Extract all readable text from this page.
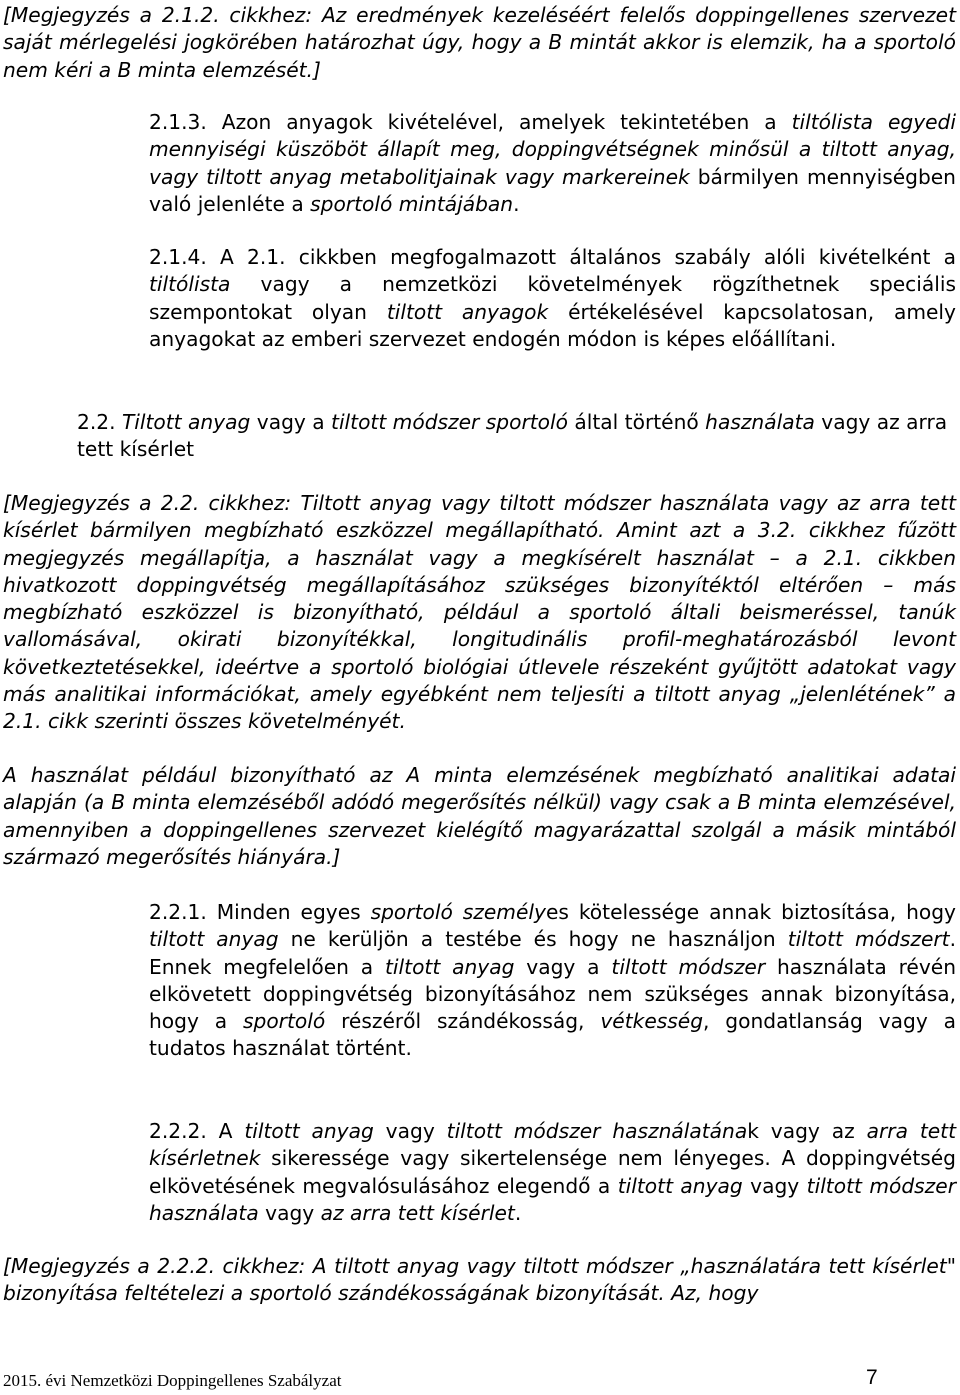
[Megjegyzés a 2.1.2. cikkhez: Az eredmények kezeléséért felelős doppingellenes szervezet saját mérlegelési jogkörében határozhat úgy, hogy a B mintát akkor is elemzik, ha a sportoló nem kéri a B minta elemzését.]

2.1.3. Azon anyagok kivételével, amelyek tekintetében a tiltólista egyedi mennyiségi küszöböt állapít meg, doppingvétségnek minősül a tiltott anyag, vagy tiltott anyag metabolitjainak vagy markereinek bármilyen mennyiségben való jelenléte a sportoló mintájában.

2.1.4. A 2.1. cikkben megfogalmazott általános szabály alóli kivételként a tiltólista vagy a nemzetközi követelmények rögzíthetnek speciális szempontokat olyan tiltott anyagok értékelésével kapcsolatosan, amely anyagokat az emberi szervezet endogén módon is képes előállítani.

2.2. Tiltott anyag vagy a tiltott módszer sportoló által történő használata vagy az arra tett kísérlet

[Megjegyzés a 2.2. cikkhez: Tiltott anyag vagy tiltott módszer használata vagy az arra tett kísérlet bármilyen megbízható eszközzel megállapítható. Amint azt a 3.2. cikkhez fűzött megjegyzés megállapítja, a használat vagy a megkísérelt használat – a 2.1. cikkben hivatkozott doppingvétség megállapításához szükséges bizonyítéktól eltérően – más megbízható eszközzel is bizonyítható, például a sportoló általi beismeréssel, tanúk vallomásával, okirati bizonyítékkal, longitudinális profil-meghatározásból levont következtetésekkel, ideértve a sportoló biológiai útlevele részeként gyűjtött adatokat vagy más analitikai információkat, amely egyébként nem teljesíti a tiltott anyag „jelenlétének” a 2.1. cikk szerinti összes követelményét.

A használat például bizonyítható az A minta elemzésének megbízható analitikai adatai alapján (a B minta elemzéséből adódó megerősítés nélkül) vagy csak a B minta elemzésével, amennyiben a doppingellenes szervezet kielégítő magyarázattal szolgál a másik mintából származó megerősítés hiányára.]

2.2.1. Minden egyes sportoló személyes kötelessége annak biztosítása, hogy tiltott anyag ne kerüljön a testébe és hogy ne használjon tiltott módszert. Ennek megfelelően a tiltott anyag vagy a tiltott módszer használata révén elkövetett doppingvétség bizonyításához nem szükséges annak bizonyítása, hogy a sportoló részéről szándékosság, vétkesség, gondatlanság vagy a tudatos használat történt.

2.2.2. A tiltott anyag vagy tiltott módszer használatának vagy az arra tett kísérletnek sikeressége vagy sikertelensége nem lényeges. A doppingvétség elkövetésének megvalósulásához elegendő a tiltott anyag vagy tiltott módszer használata vagy az arra tett kísérlet.

[Megjegyzés a 2.2.2. cikkhez: A tiltott anyag vagy tiltott módszer „használatára tett kísérlet" bizonyítása feltételezi a sportoló szándékosságának bizonyítását. Az, hogy

2015. évi Nemzetközi Doppingellenes Szabályzat	7
